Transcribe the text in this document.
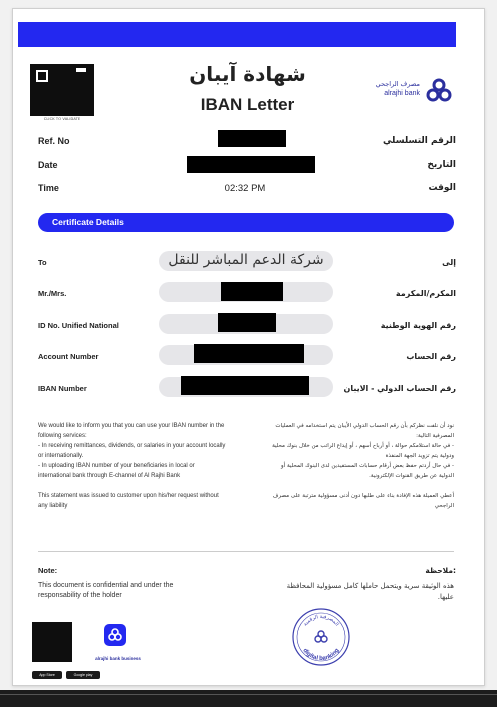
CLICK TO VALIDATE
شهادة آيبان
IBAN Letter
مصرف الراجحي
alrajhi bank
Ref. No	الرقم التسلسلي
Date	التاريخ
Time	02:32 PM	الوقت
Certificate Details
To	شركة الدعم المباشر للنقل	إلى
Mr./Mrs.	المكرم/المكرمة
ID No. Unified National	رقم الهوية الوطنية
Account Number	رقم الحساب
IBAN Number	رقم الحساب الدولي - الايبان

We would like to inform you that you can use your IBAN number in the following services:

- In receiving remittances, dividends, or salaries in your account locally or internationally.

- In uploading IBAN number of your beneficiaries in local or international bank through E-channel of Al Rajhi Bank

This statement was issued to customer upon his/her request without any liability

نود أن نلفت نظركم بأن رقم الحساب الدولي الأيبان يتم استخدامه في العمليات المصرفية التالية:

- في حالة استلامكم حوالة ، أو أرباح أسهم ، أو إيداع الراتب من خلال بنوك محلية ودولية يتم تزويد الجهة المنفذة

- في حال أردتم حفظ بعض أرقام حسابات المستفيدين لدى البنوك المحلية أو الدولية عن طريق القنوات الإلكترونية.

أعطي العميلة هذه الإفادة بناء على طلبها دون أدنى مسؤولية مترتبة على مصرف الراجحي

Note:
This document is confidential and under the responsability of the holder
ملاحظة:
هذه الوثيقة سرية ويتحمل حاملها كامل مسؤولية المحافظة عليها.
alrajhi bank business
App Store	Google play
المصرفية الرقمية
digital banking
